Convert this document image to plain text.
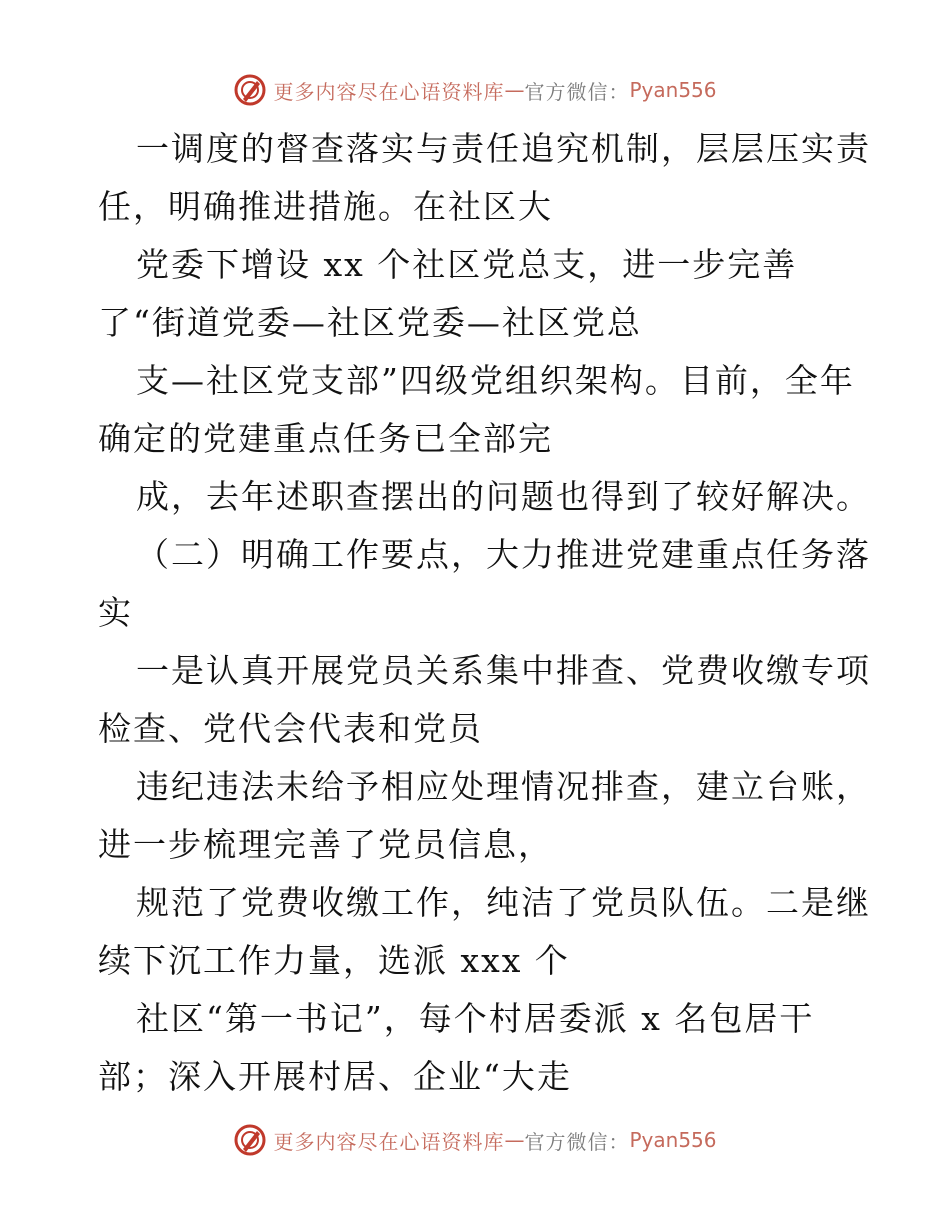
更多内容尽在心语资料库 — 官方微信： Pyan556
一调度的督查落实与责任追究机制，层层压实责
任，明确推进措施。在社区大
党委下增设 xx 个社区党总支，进一步完善
了“街道党委—社区党委—社区党总
支—社区党支部”四级党组织架构。目前，全年
确定的党建重点任务已全部完
成，去年述职查摆出的问题也得到了较好解决。
（二）明确工作要点，大力推进党建重点任务落
实
一是认真开展党员关系集中排查、党费收缴专项
检查、党代会代表和党员
违纪违法未给予相应处理情况排查，建立台账，
进一步梳理完善了党员信息，
规范了党费收缴工作，纯洁了党员队伍。二是继
续下沉工作力量，选派 xxx 个
社区“第一书记”，每个村居委派 x 名包居干
部；深入开展村居、企业“大走
更多内容尽在心语资料库 — 官方微信： Pyan556
